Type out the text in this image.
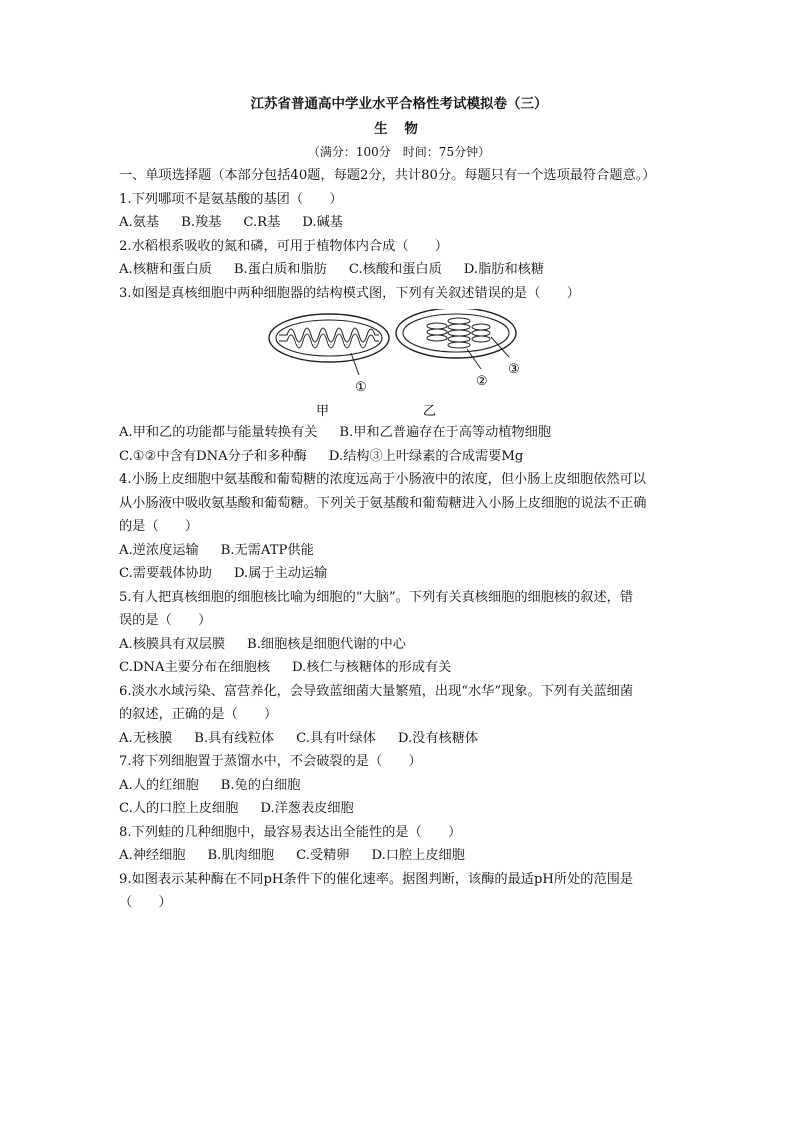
江苏省普通高中学业水平合格性考试模拟卷（三）
生 物
（满分：100分　时间：75分钟）
一、单项选择题（本部分包括40题，每题2分，共计80分。每题只有一个选项最符合题意。）
1.下列哪项不是氨基酸的基团（　　）
A.氨基 B.羧基 C.R基 D.碱基
2.水稻根系吸收的氮和磷，可用于植物体内合成（　　）
A.核糖和蛋白质 B.蛋白质和脂肪 C.核酸和蛋白质 D.脂肪和核糖
3.如图是真核细胞中两种细胞器的结构模式图，下列有关叙述错误的是（　　）
①	②
③
甲	乙
A.甲和乙的功能都与能量转换有关 B.甲和乙普遍存在于高等动植物细胞
C.①②中含有DNA分子和多种酶 D.结构③上叶绿素的合成需要Mg
4.小肠上皮细胞中氨基酸和葡萄糖的浓度远高于小肠液中的浓度，但小肠上皮细胞依然可以
从小肠液中吸收氨基酸和葡萄糖。下列关于氨基酸和葡萄糖进入小肠上皮细胞的说法不正确
的是（　　）
A.逆浓度运输 B.无需ATP供能
C.需要载体协助 D.属于主动运输
5.有人把真核细胞的细胞核比喻为细胞的“大脑”。下列有关真核细胞的细胞核的叙述，错
误的是（　　）
A.核膜具有双层膜 B.细胞核是细胞代谢的中心
C.DNA主要分布在细胞核 D.核仁与核糖体的形成有关
6.淡水水域污染、富营养化，会导致蓝细菌大量繁殖，出现“水华”现象。下列有关蓝细菌
的叙述，正确的是（　　）
A.无核膜 B.具有线粒体 C.具有叶绿体 D.没有核糖体
7.将下列细胞置于蒸馏水中，不会破裂的是（　　）
A.人的红细胞 B.兔的白细胞
C.人的口腔上皮细胞 D.洋葱表皮细胞
8.下列蛙的几种细胞中，最容易表达出全能性的是（　　）
A.神经细胞 B.肌肉细胞 C.受精卵 D.口腔上皮细胞
9.如图表示某种酶在不同pH条件下的催化速率。据图判断，该酶的最适pH所处的范围是
（　　）
